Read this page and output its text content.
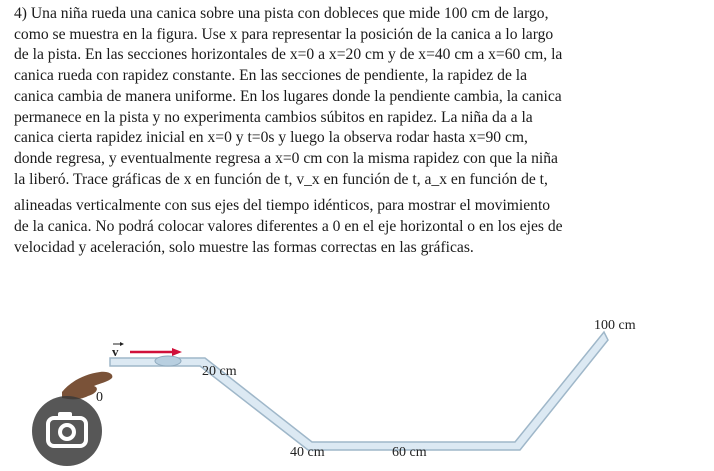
4) Una niña rueda una canica sobre una pista con dobleces que mide 100 cm de largo,
como se muestra en la figura. Use x para representar la posición de la canica a lo largo
de la pista. En las secciones horizontales de x=0 a x=20 cm y de x=40 cm a x=60 cm, la
canica rueda con rapidez constante. En las secciones de pendiente, la rapidez de la
canica cambia de manera uniforme. En los lugares donde la pendiente cambia, la canica
permanece en la pista y no experimenta cambios súbitos en rapidez. La niña da a la
canica cierta rapidez inicial en x=0 y t=0s y luego la observa rodar hasta x=90 cm,
donde regresa, y eventualmente regresa a x=0 cm con la misma rapidez con que la niña
la liberó. Trace gráficas de x en función de t, v_x en función de t, a_x en función de t,
alineadas verticalmente con sus ejes del tiempo idénticos, para mostrar el movimiento
de la canica. No podrá colocar valores diferentes a 0 en el eje horizontal o en los ejes de
velocidad y aceleración, solo muestre las formas correctas en las gráficas.
100 cm
20 cm
0
v
40 cm	60 cm
